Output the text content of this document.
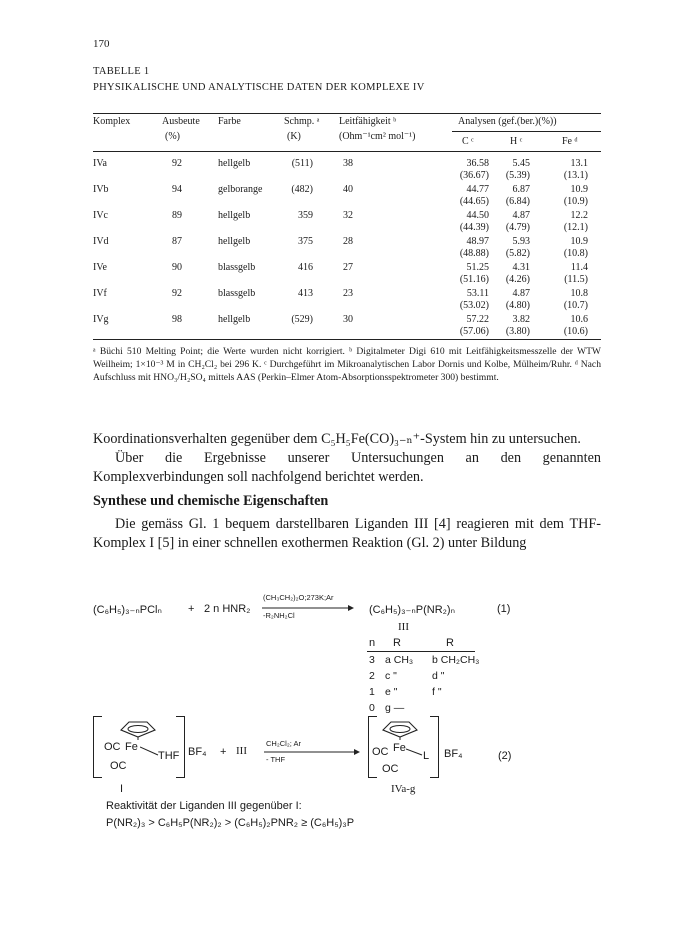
170
TABELLE 1
PHYSIKALISCHE UND ANALYTISCHE DATEN DER KOMPLEXE IV
Komplex	Ausbeute
(%)
Farbe	Schmp. ᵃ
(K)
Leitfähigkeit ᵇ
(Ohm⁻¹cm² mol⁻¹)
Analysen (gef.(ber.)(%))
C ᶜ	H ᶜ	Fe ᵈ
IVa	92	hellgelb	(511)	38	36.58	5.45	13.1
(36.67)	(5.39)	(13.1)
IVb	94	gelborange	(482)	40	44.77	6.87	10.9
(44.65)	(6.84)	(10.9)
IVc	89	hellgelb	359	32	44.50	4.87	12.2
(44.39)	(4.79)	(12.1)
IVd	87	hellgelb	375	28	48.97	5.93	10.9
(48.88)	(5.82)	(10.8)
IVe	90	blassgelb	416	27	51.25	4.31	11.4
(51.16)	(4.26)	(11.5)
IVf	92	blassgelb	413	23	53.11	4.87	10.8
(53.02)	(4.80)	(10.7)
IVg	98	hellgelb	(529)	30	57.22	3.82	10.6
(57.06)	(3.80)	(10.6)
ᵃ Büchi 510 Melting Point; die Werte wurden nicht korrigiert. ᵇ Digitalmeter Digi 610 mit Leitfähigkeitsmesszelle der WTW Weilheim; 1×10⁻³ M in CH₂Cl₂ bei 296 K. ᶜ Durchgeführt im Mikroanalytischen Labor Dornis und Kolbe, Mülheim/Ruhr. ᵈ Nach Aufschluss mit HNO₃/H₂SO₄ mittels AAS (Perkin–Elmer Atom-Absorptionsspektrometer 300) bestimmt.
Koordinationsverhalten gegenüber dem C₅H₅Fe(CO)₃₋ₙ⁺-System hin zu untersuchen.
Über die Ergebnisse unserer Untersuchungen an den genannten Komplexverbindungen soll nachfolgend berichtet werden.
Synthese und chemische Eigenschaften
Die gemäss Gl. 1 bequem darstellbaren Liganden III [4] reagieren mit dem THF-Komplex I [5] in einer schnellen exothermen Reaktion (Gl. 2) unter Bildung
(C₆H₅)₃₋ₙPClₙ + 2 n HNR₂
(CH₃CH₂)₂O;273K;Ar
-R₂NH₂Cl	(C₆H₅)₃₋ₙP(NR₂)ₙ	(1)
III
n R	R
3 a CH₃ b CH₂CH₃
2 c "	d "
1 e "	f "
0 g —
OC Fe
THF
OC
BF₄
I
+ III
CH₂Cl₂; Ar
- THF
OC Fe
L
OC
BF₄
IVa-g
(2)
Reaktivität der Liganden III gegenüber I:
P(NR₂)₃ > C₆H₅P(NR₂)₂ > (C₆H₅)₂PNR₂ ≥ (C₆H₅)₃P
